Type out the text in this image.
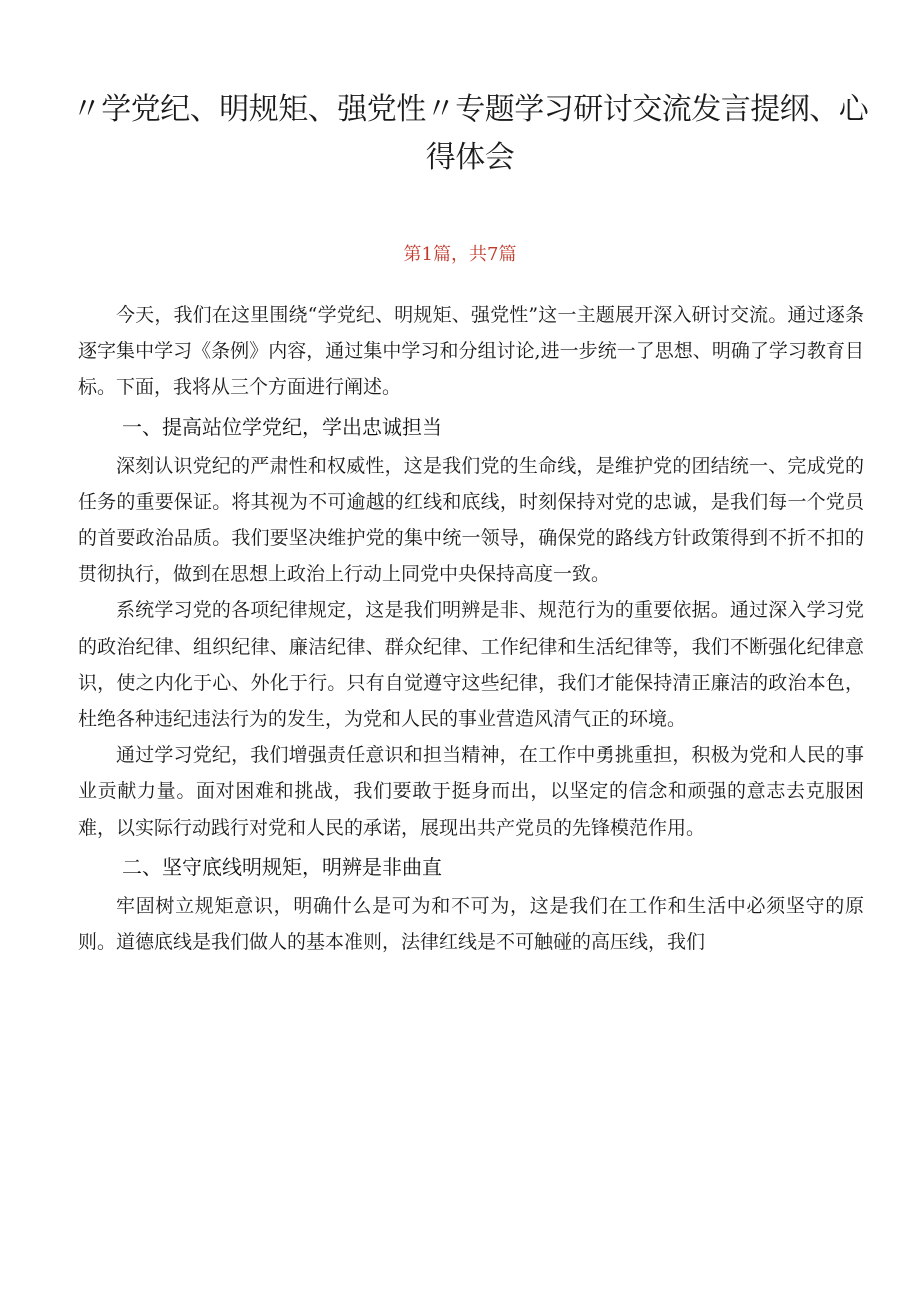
〃学党纪、明规矩、强党性〃专题学习研讨交流发言提纲、心得体会

今天，我们在这里围绕“学党纪、明规矩、强党性”这一主题展开深入研讨交流。通过逐条逐字集中学习《条例》内容，通过集中学习和分组讨论,进一步统一了思想、明确了学习教育目标。下面，我将从三个方面进行阐述。

一、提高站位学党纪，学出忠诚担当

深刻认识党纪的严肃性和权威性，这是我们党的生命线，是维护党的团结统一、完成党的任务的重要保证。将其视为不可逾越的红线和底线，时刻保持对党的忠诚，是我们每一个党员的首要政治品质。我们要坚决维护党的集中统一领导，确保党的路线方针政策得到不折不扣的贯彻执行，做到在思想上政治上行动上同党中央保持高度一致。

系统学习党的各项纪律规定，这是我们明辨是非、规范行为的重要依据。通过深入学习党的政治纪律、组织纪律、廉洁纪律、群众纪律、工作纪律和生活纪律等，我们不断强化纪律意识，使之内化于心、外化于行。只有自觉遵守这些纪律，我们才能保持清正廉洁的政治本色，杜绝各种违纪违法行为的发生，为党和人民的事业营造风清气正的环境。

通过学习党纪，我们增强责任意识和担当精神，在工作中勇挑重担，积极为党和人民的事业贡献力量。面对困难和挑战，我们要敢于挺身而出，以坚定的信念和顽强的意志去克服困难，以实际行动践行对党和人民的承诺，展现出共产党员的先锋模范作用。

二、坚守底线明规矩，明辨是非曲直

牢固树立规矩意识，明确什么是可为和不可为，这是我们在工作和生活中必须坚守的原则。道德底线是我们做人的基本准则，法律红线是不可触碰的高压线，我们

第1篇，共7篇
